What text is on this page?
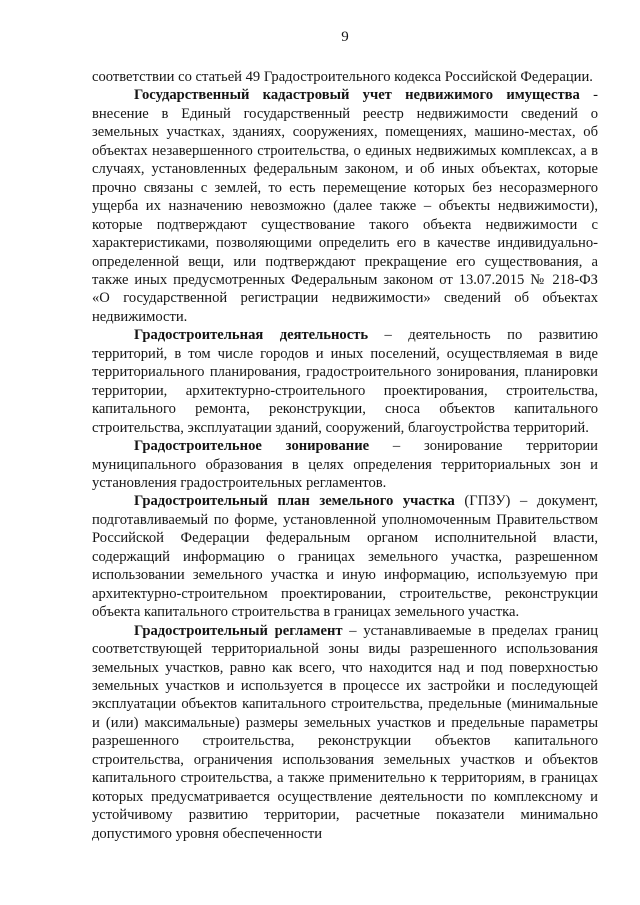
9

соответствии со статьей 49 Градостроительного кодекса Российской Федерации.

Государственный кадастровый учет недвижимого имущества - внесение в Единый государственный реестр недвижимости сведений о земельных участках, зданиях, сооружениях, помещениях, машино-местах, об объектах незавершенного строительства, о единых недвижимых комплексах, а в случаях, установленных федеральным законом, и об иных объектах, которые прочно связаны с землей, то есть перемещение которых без несоразмерного ущерба их назначению невозможно (далее также – объекты недвижимости), которые подтверждают существование такого объекта недвижимости с характеристиками, позволяющими определить его в качестве индивидуально-определенной вещи, или подтверждают прекращение его существования, а также иных предусмотренных Федеральным законом от 13.07.2015 № 218-ФЗ «О государственной регистрации недвижимости» сведений об объектах недвижимости.

Градостроительная деятельность – деятельность по развитию территорий, в том числе городов и иных поселений, осуществляемая в виде территориального планирования, градостроительного зонирования, планировки территории, архитектурно-строительного проектирования, строительства, капитального ремонта, реконструкции, сноса объектов капитального строительства, эксплуатации зданий, сооружений, благоустройства территорий.

Градостроительное зонирование – зонирование территории муниципального образования в целях определения территориальных зон и установления градостроительных регламентов.

Градостроительный план земельного участка (ГПЗУ) – документ, подготавливаемый по форме, установленной уполномоченным Правительством Российской Федерации федеральным органом исполнительной власти, содержащий информацию о границах земельного участка, разрешенном использовании земельного участка и иную информацию, используемую при архитектурно-строительном проектировании, строительстве, реконструкции объекта капитального строительства в границах земельного участка.

Градостроительный регламент – устанавливаемые в пределах границ соответствующей территориальной зоны виды разрешенного использования земельных участков, равно как всего, что находится над и под поверхностью земельных участков и используется в процессе их застройки и последующей эксплуатации объектов капитального строительства, предельные (минимальные и (или) максимальные) размеры земельных участков и предельные параметры разрешенного строительства, реконструкции объектов капитального строительства, ограничения использования земельных участков и объектов капитального строительства, а также применительно к территориям, в границах которых предусматривается осуществление деятельности по комплексному и устойчивому развитию территории, расчетные показатели минимально допустимого уровня обеспеченности
